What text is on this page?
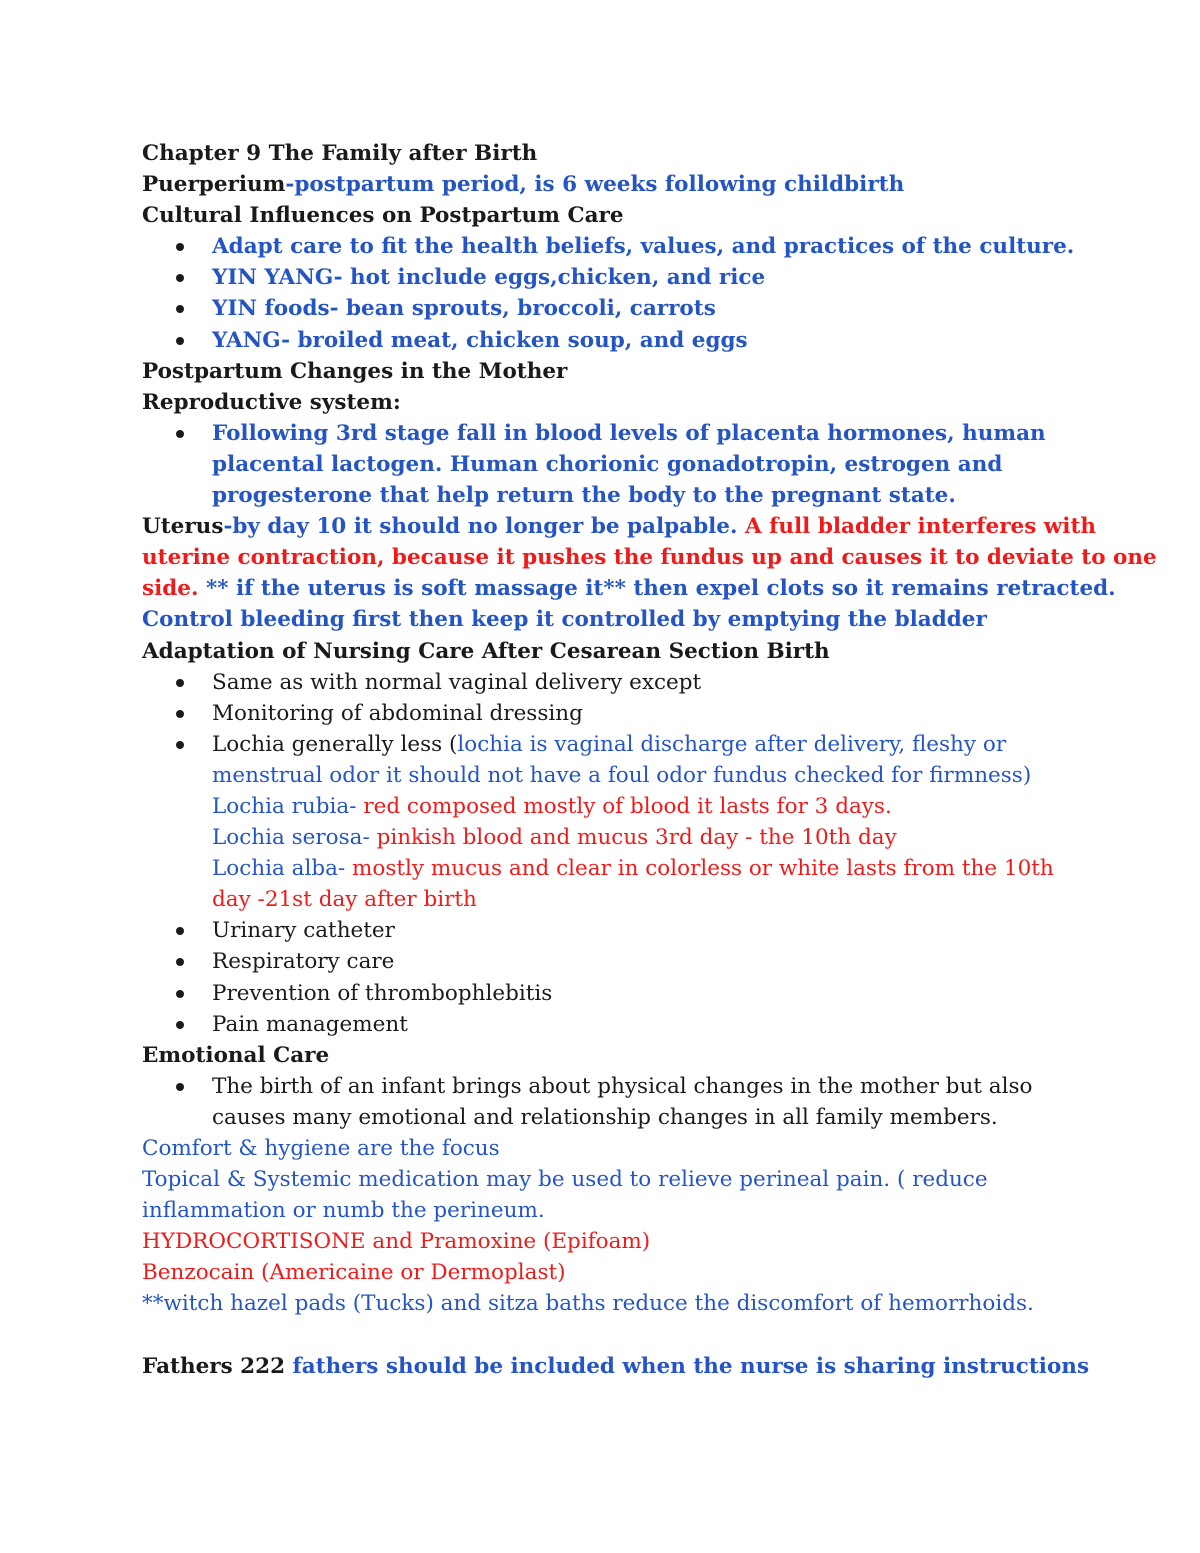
Chapter 9 The Family after Birth
Puerperium-postpartum period, is 6 weeks following childbirth
Cultural Influences on Postpartum Care
Adapt care to fit the health beliefs, values, and practices of the culture.
YIN YANG- hot include eggs,chicken, and rice
YIN foods- bean sprouts, broccoli, carrots
YANG- broiled meat, chicken soup, and eggs
Postpartum Changes in the Mother
Reproductive system:
Following 3rd stage fall in blood levels of placenta hormones, human
placental lactogen. Human chorionic gonadotropin, estrogen and
progesterone that help return the body to the pregnant state.
Uterus-by day 10 it should no longer be palpable. A full bladder interferes with
uterine contraction, because it pushes the fundus up and causes it to deviate to one
side. ** if the uterus is soft massage it** then expel clots so it remains retracted.
Control bleeding first then keep it controlled by emptying the bladder
Adaptation of Nursing Care After Cesarean Section Birth
Same as with normal vaginal delivery except
Monitoring of abdominal dressing
Lochia generally less (lochia is vaginal discharge after delivery, fleshy or
menstrual odor it should not have a foul odor fundus checked for firmness)
Lochia rubia- red composed mostly of blood it lasts for 3 days.
Lochia serosa- pinkish blood and mucus 3rd day - the 10th day
Lochia alba- mostly mucus and clear in colorless or white lasts from the 10th
day -21st day after birth
Urinary catheter
Respiratory care
Prevention of thrombophlebitis
Pain management
Emotional Care
The birth of an infant brings about physical changes in the mother but also
causes many emotional and relationship changes in all family members.
Comfort & hygiene are the focus
Topical & Systemic medication may be used to relieve perineal pain. ( reduce
inflammation or numb the perineum.
HYDROCORTISONE and Pramoxine (Epifoam)
Benzocain (Americaine or Dermoplast)
**witch hazel pads (Tucks) and sitza baths reduce the discomfort of hemorrhoids.
Fathers 222 fathers should be included when the nurse is sharing instructions
